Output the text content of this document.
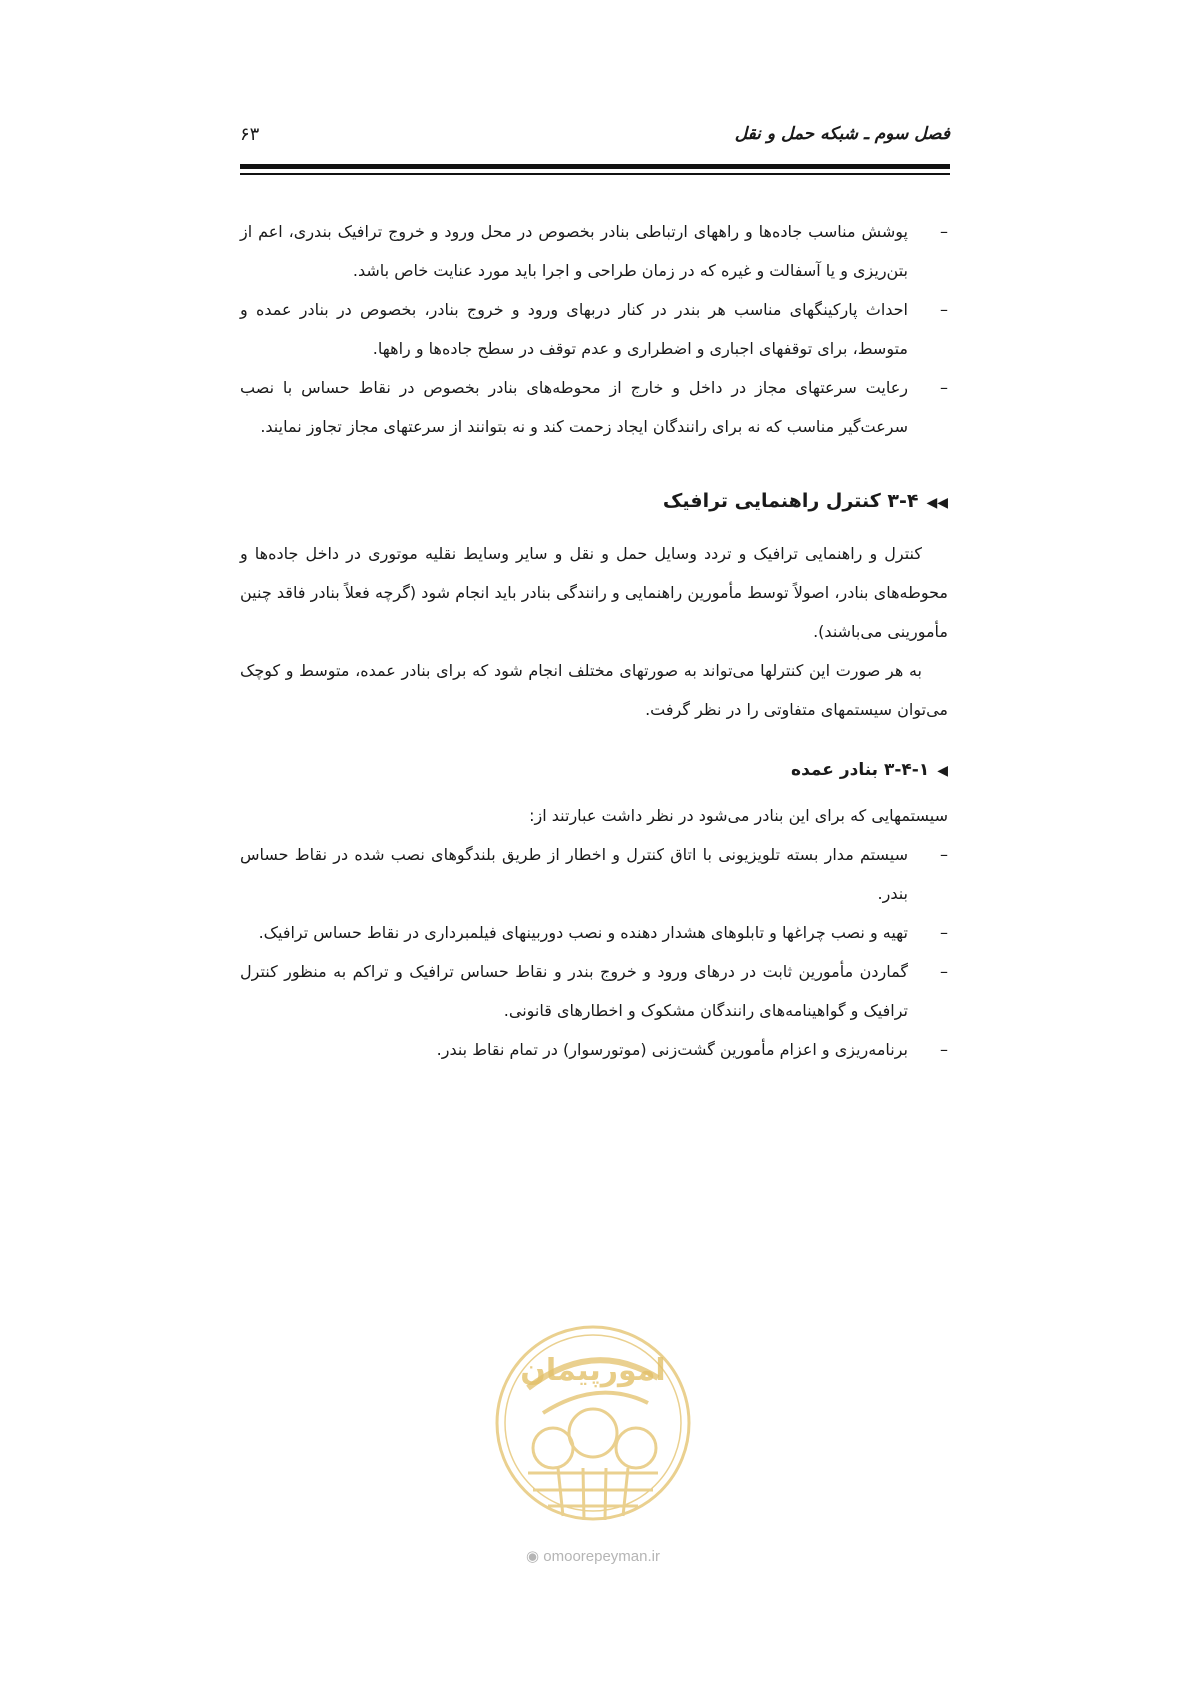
فصل سوم ـ شبکه حمل و نقل
۶۳
–
پوشش مناسب جاده‌ها و راههای ارتباطی بنادر بخصوص در محل ورود و خروج ترافیک بندری، اعم از بتن‌ریزی و یا آسفالت و غیره که در زمان طراحی و اجرا باید مورد عنایت خاص باشد.
–
احداث پارکینگهای مناسب هر بندر در کنار دربهای ورود و خروج بنادر، بخصوص در بنادر عمده و متوسط، برای توقفهای اجباری و اضطراری و عدم توقف در سطح جاده‌ها و راهها.
–
رعایت سرعتهای مجاز در داخل و خارج از محوطه‌های بنادر بخصوص در نقاط حساس با نصب سرعت‌گیر مناسب که نه برای رانندگان ایجاد زحمت کند و نه بتوانند از سرعتهای مجاز تجاوز نمایند.
◀◀۳-۴ کنترل راهنمایی ترافیک
کنترل و راهنمایی ترافیک و تردد وسایل حمل و نقل و سایر وسایط نقلیه موتوری در داخل جاده‌ها و محوطه‌های بنادر، اصولاً توسط مأمورین راهنمایی و رانندگی بنادر باید انجام شود (گرچه فعلاً بنادر فاقد چنین مأمورینی می‌باشند).
به هر صورت این کنترلها می‌تواند به صورتهای مختلف انجام شود که برای بنادر عمده، متوسط و کوچک می‌توان سیستمهای متفاوتی را در نظر گرفت.
◀۳-۴-۱ بنادر عمده
سیستمهایی که برای این بنادر می‌شود در نظر داشت عبارتند از:
–
سیستم مدار بسته تلویزیونی با اتاق کنترل و اخطار از طریق بلندگوهای نصب شده در نقاط حساس بندر.
–
تهیه و نصب چراغها و تابلوهای هشدار دهنده و نصب دوربینهای فیلمبرداری در نقاط حساس ترافیک.
–
گماردن مأمورین ثابت در درهای ورود و خروج بندر و نقاط حساس ترافیک و تراکم به منظور کنترل ترافیک و گواهینامه‌های رانندگان مشکوک و اخطارهای قانونی.
–
برنامه‌ریزی و اعزام مأمورین گشت‌زنی (موتورسوار) در تمام نقاط بندر.
امورپیمان
◉ omoorepeyman.ir
